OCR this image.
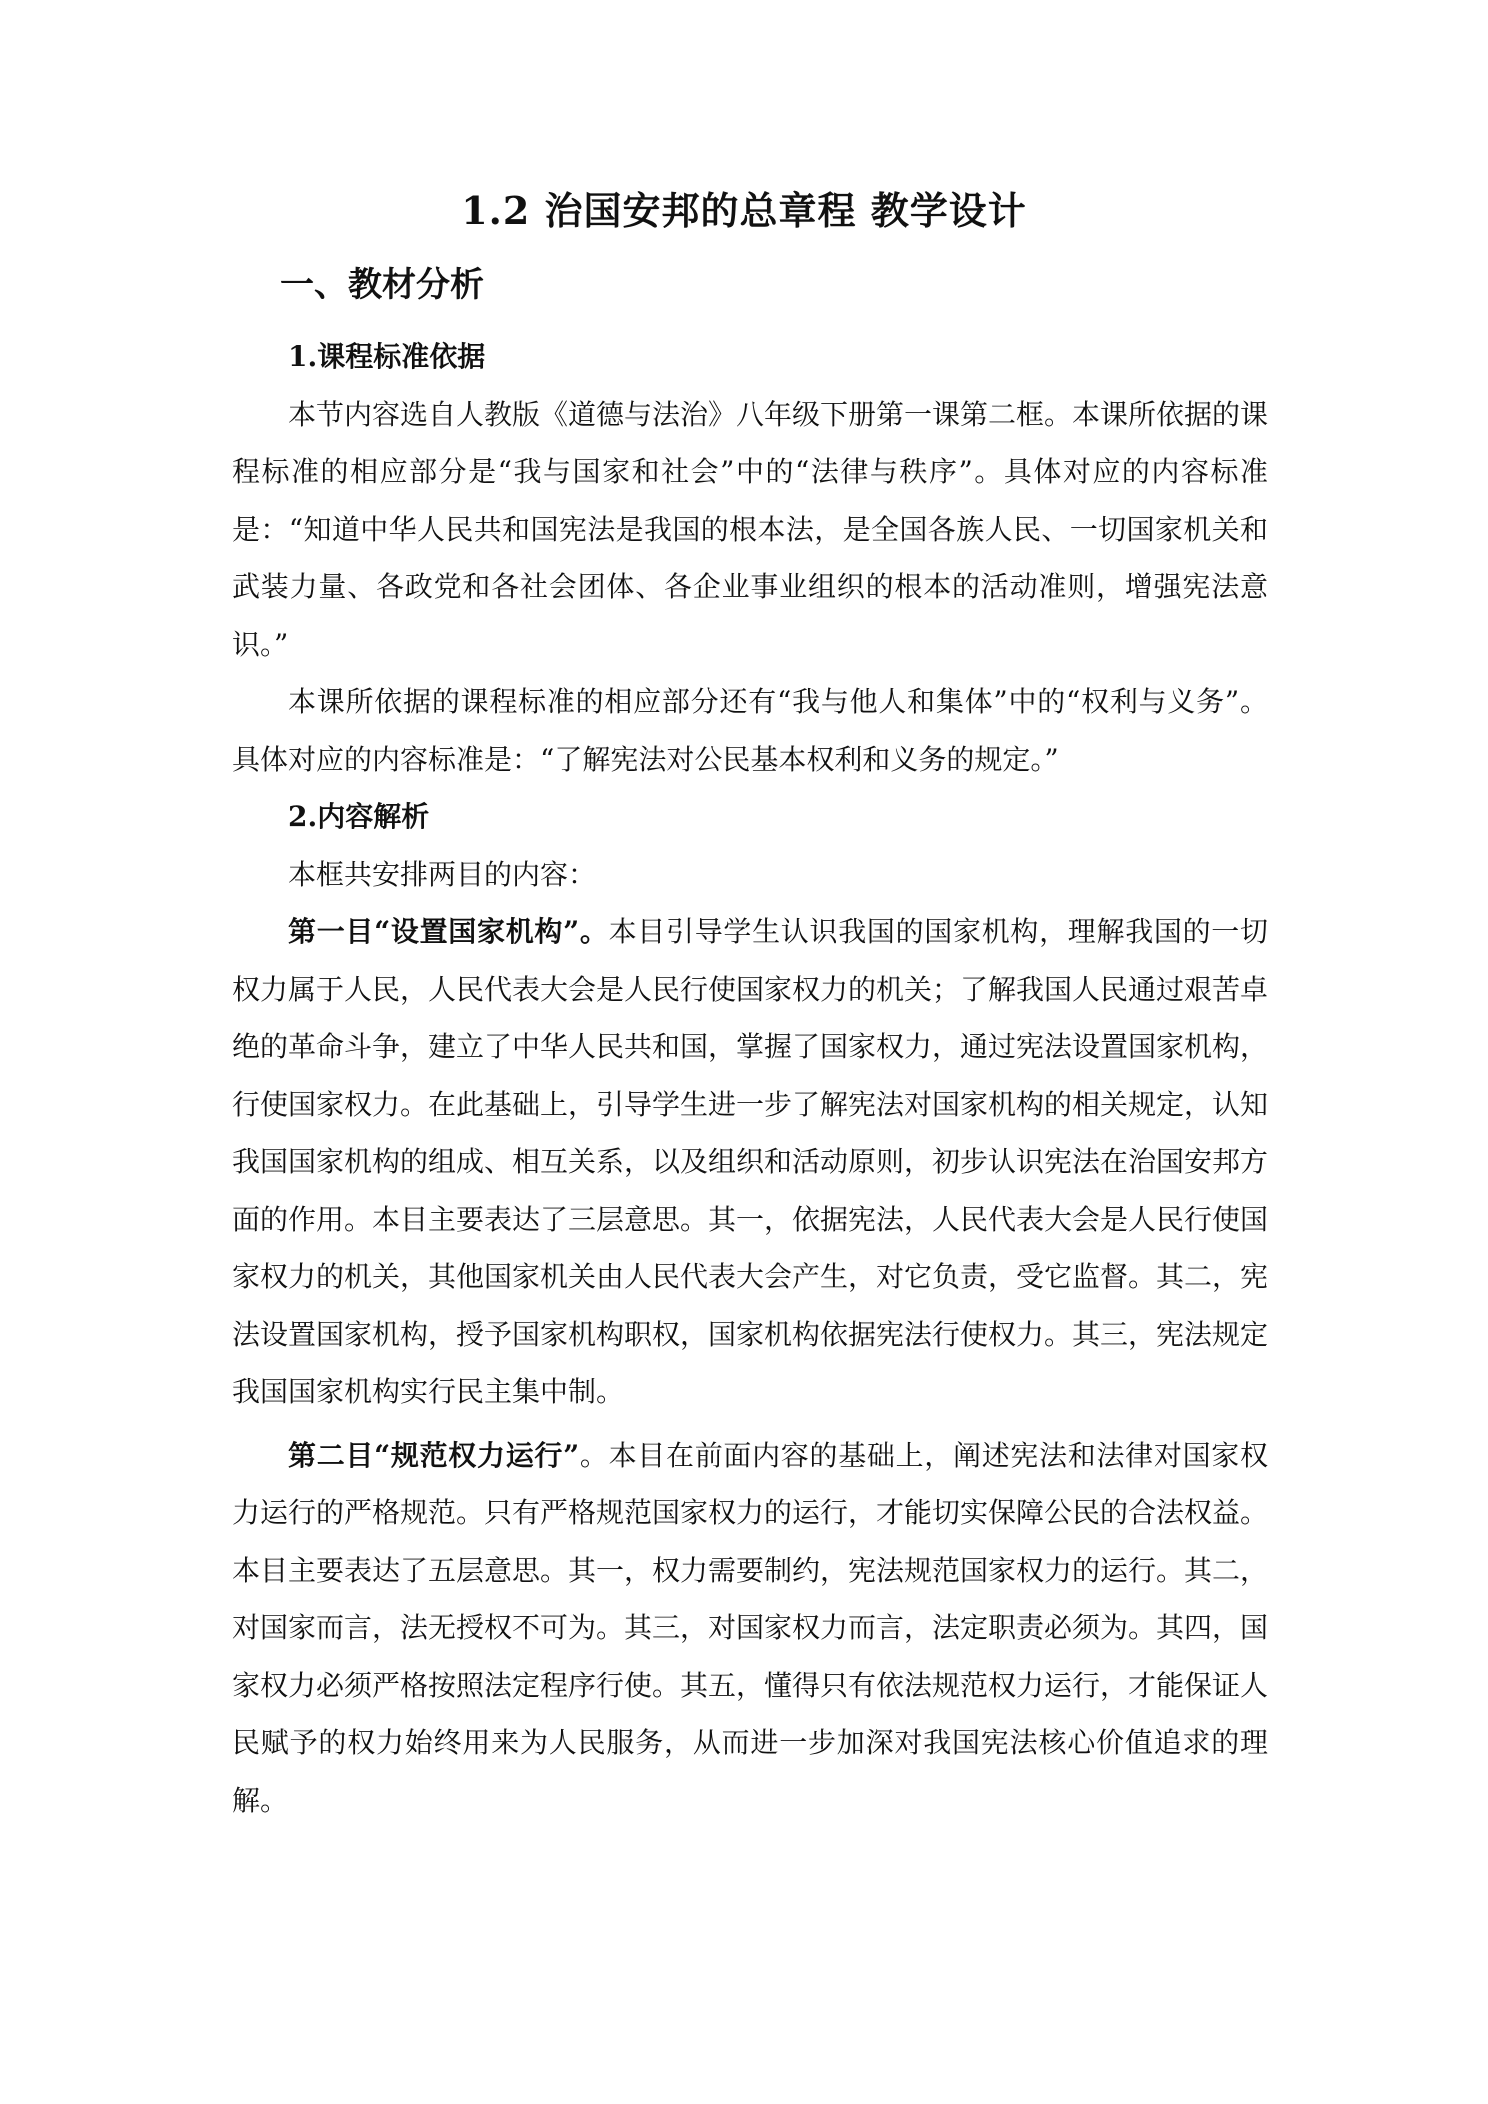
1.2 治国安邦的总章程 教学设计
一、教材分析

1.课程标准依据

本节内容选自人教版《道德与法治》八年级下册第一课第二框。本课所依据的课程标准的相应部分是“我与国家和社会”中的“法律与秩序”。具体对应的内容标准是：“知道中华人民共和国宪法是我国的根本法，是全国各族人民、一切国家机关和武装力量、各政党和各社会团体、各企业事业组织的根本的活动准则，增强宪法意识。”

本课所依据的课程标准的相应部分还有“我与他人和集体”中的“权利与义务”。具体对应的内容标准是：“了解宪法对公民基本权利和义务的规定。”

2.内容解析

本框共安排两目的内容：

第一目“设置国家机构”。本目引导学生认识我国的国家机构，理解我国的一切权力属于人民，人民代表大会是人民行使国家权力的机关；了解我国人民通过艰苦卓绝的革命斗争，建立了中华人民共和国，掌握了国家权力，通过宪法设置国家机构，行使国家权力。在此基础上，引导学生进一步了解宪法对国家机构的相关规定，认知我国国家机构的组成、相互关系，以及组织和活动原则，初步认识宪法在治国安邦方面的作用。本目主要表达了三层意思。其一，依据宪法，人民代表大会是人民行使国家权力的机关，其他国家机关由人民代表大会产生，对它负责，受它监督。其二，宪法设置国家机构，授予国家机构职权，国家机构依据宪法行使权力。其三，宪法规定我国国家机构实行民主集中制。

第二目“规范权力运行”。本目在前面内容的基础上，阐述宪法和法律对国家权力运行的严格规范。只有严格规范国家权力的运行，才能切实保障公民的合法权益。本目主要表达了五层意思。其一，权力需要制约，宪法规范国家权力的运行。其二，对国家而言，法无授权不可为。其三，对国家权力而言，法定职责必须为。其四，国家权力必须严格按照法定程序行使。其五，懂得只有依法规范权力运行，才能保证人民赋予的权力始终用来为人民服务，从而进一步加深对我国宪法核心价值追求的理解。
